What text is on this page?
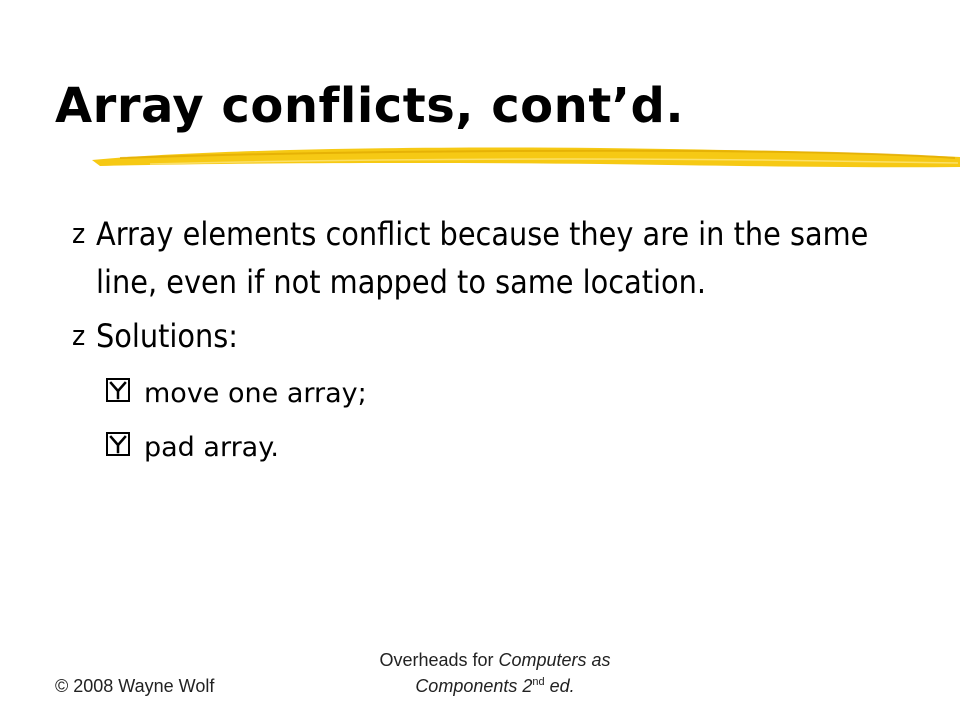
Array conflicts, cont’d.
z Array elements conflict because they are in the same line, even if not mapped to same location.
z Solutions:
move one array;
pad array.
© 2008 Wayne Wolf
Overheads for Computers as
Components 2nd ed.
